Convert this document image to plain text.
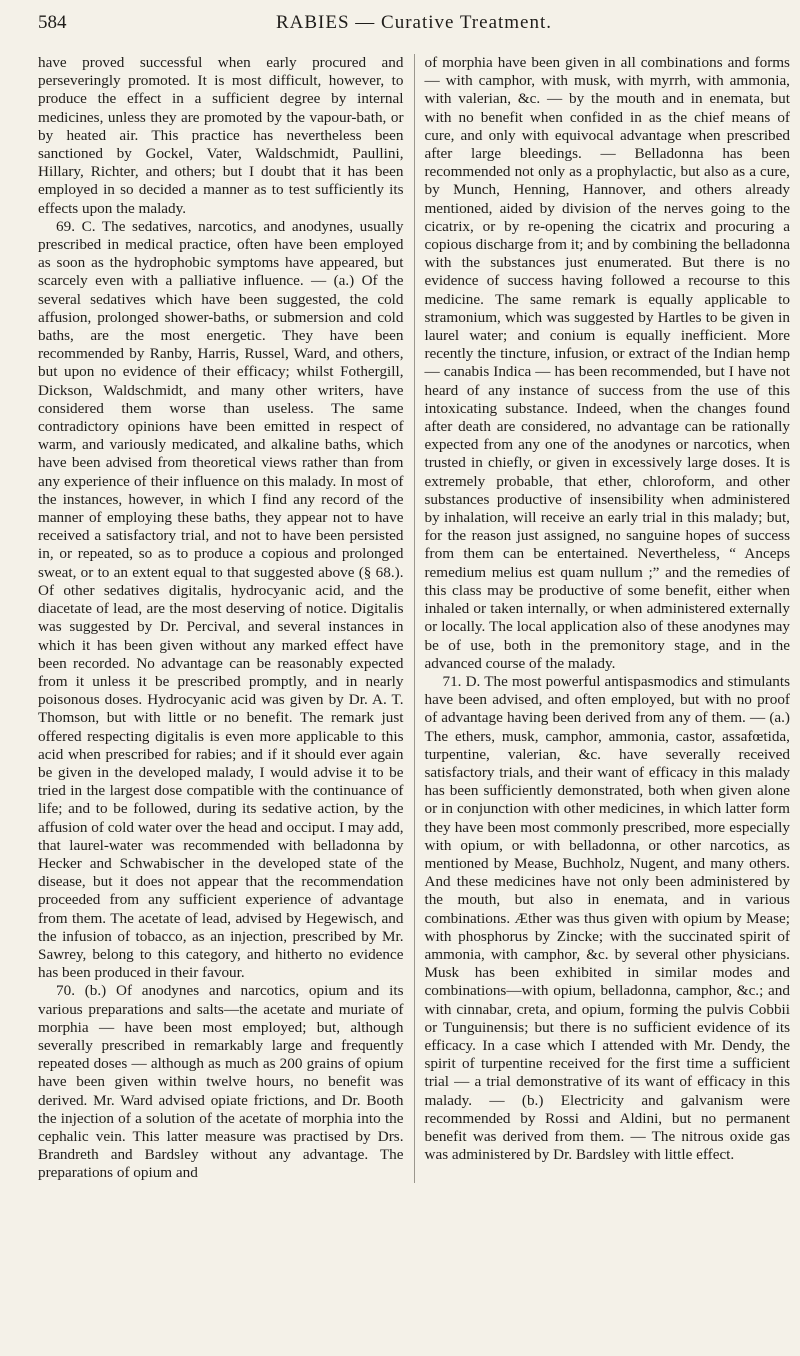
584	RABIES — Curative Treatment.

have proved successful when early procured and perseveringly promoted. It is most difficult, however, to produce the effect in a sufficient degree by internal medicines, unless they are promoted by the vapour-bath, or by heated air. This practice has nevertheless been sanctioned by Gockel, Vater, Waldschmidt, Paullini, Hillary, Richter, and others; but I doubt that it has been employed in so decided a manner as to test sufficiently its effects upon the malady.

69. C. The sedatives, narcotics, and anodynes, usually prescribed in medical practice, often have been employed as soon as the hydrophobic symptoms have appeared, but scarcely even with a palliative influence. — (a.) Of the several sedatives which have been suggested, the cold affusion, prolonged shower-baths, or submersion and cold baths, are the most energetic. They have been recommended by Ranby, Harris, Russel, Ward, and others, but upon no evidence of their efficacy; whilst Fothergill, Dickson, Waldschmidt, and many other writers, have considered them worse than useless. The same contradictory opinions have been emitted in respect of warm, and variously medicated, and alkaline baths, which have been advised from theoretical views rather than from any experience of their influence on this malady. In most of the instances, however, in which I find any record of the manner of employing these baths, they appear not to have received a satisfactory trial, and not to have been persisted in, or repeated, so as to produce a copious and prolonged sweat, or to an extent equal to that suggested above (§ 68.). Of other sedatives digitalis, hydrocyanic acid, and the diacetate of lead, are the most deserving of notice. Digitalis was suggested by Dr. Percival, and several instances in which it has been given without any marked effect have been recorded. No advantage can be reasonably expected from it unless it be prescribed promptly, and in nearly poisonous doses. Hydrocyanic acid was given by Dr. A. T. Thomson, but with little or no benefit. The remark just offered respecting digitalis is even more applicable to this acid when prescribed for rabies; and if it should ever again be given in the developed malady, I would advise it to be tried in the largest dose compatible with the continuance of life; and to be followed, during its sedative action, by the affusion of cold water over the head and occiput. I may add, that laurel-water was recommended with belladonna by Hecker and Schwabischer in the developed state of the disease, but it does not appear that the recommendation proceeded from any sufficient experience of advantage from them. The acetate of lead, advised by Hegewisch, and the infusion of tobacco, as an injection, prescribed by Mr. Sawrey, belong to this category, and hitherto no evidence has been produced in their favour.

70. (b.) Of anodynes and narcotics, opium and its various preparations and salts—the acetate and muriate of morphia — have been most employed; but, although severally prescribed in remarkably large and frequently repeated doses — although as much as 200 grains of opium have been given within twelve hours, no benefit was derived. Mr. Ward advised opiate frictions, and Dr. Booth the injection of a solution of the acetate of morphia into the cephalic vein. This latter measure was practised by Drs. Brandreth and Bardsley without any advantage. The preparations of opium and

of morphia have been given in all combinations and forms — with camphor, with musk, with myrrh, with ammonia, with valerian, &c. — by the mouth and in enemata, but with no benefit when confided in as the chief means of cure, and only with equivocal advantage when prescribed after large bleedings. — Belladonna has been recommended not only as a prophylactic, but also as a cure, by Munch, Henning, Hannover, and others already mentioned, aided by division of the nerves going to the cicatrix, or by re-opening the cicatrix and procuring a copious discharge from it; and by combining the belladonna with the substances just enumerated. But there is no evidence of success having followed a recourse to this medicine. The same remark is equally applicable to stramonium, which was suggested by Hartles to be given in laurel water; and conium is equally inefficient. More recently the tincture, infusion, or extract of the Indian hemp — canabis Indica — has been recommended, but I have not heard of any instance of success from the use of this intoxicating substance. Indeed, when the changes found after death are considered, no advantage can be rationally expected from any one of the anodynes or narcotics, when trusted in chiefly, or given in excessively large doses. It is extremely probable, that ether, chloroform, and other substances productive of insensibility when administered by inhalation, will receive an early trial in this malady; but, for the reason just assigned, no sanguine hopes of success from them can be entertained. Nevertheless, “ Anceps remedium melius est quam nullum ;” and the remedies of this class may be productive of some benefit, either when inhaled or taken internally, or when administered externally or locally. The local application also of these anodynes may be of use, both in the premonitory stage, and in the advanced course of the malady.

71. D. The most powerful antispasmodics and stimulants have been advised, and often employed, but with no proof of advantage having been derived from any of them. — (a.) The ethers, musk, camphor, ammonia, castor, assafœtida, turpentine, valerian, &c. have severally received satisfactory trials, and their want of efficacy in this malady has been sufficiently demonstrated, both when given alone or in conjunction with other medicines, in which latter form they have been most commonly prescribed, more especially with opium, or with belladonna, or other narcotics, as mentioned by Mease, Buchholz, Nugent, and many others. And these medicines have not only been administered by the mouth, but also in enemata, and in various combinations. Æther was thus given with opium by Mease; with phosphorus by Zincke; with the succinated spirit of ammonia, with camphor, &c. by several other physicians. Musk has been exhibited in similar modes and combinations—with opium, belladonna, camphor, &c.; and with cinnabar, creta, and opium, forming the pulvis Cobbii or Tunguinensis; but there is no sufficient evidence of its efficacy. In a case which I attended with Mr. Dendy, the spirit of turpentine received for the first time a sufficient trial — a trial demonstrative of its want of efficacy in this malady. — (b.) Electricity and galvanism were recommended by Rossi and Aldini, but no permanent benefit was derived from them. — The nitrous oxide gas was administered by Dr. Bardsley with little effect.
